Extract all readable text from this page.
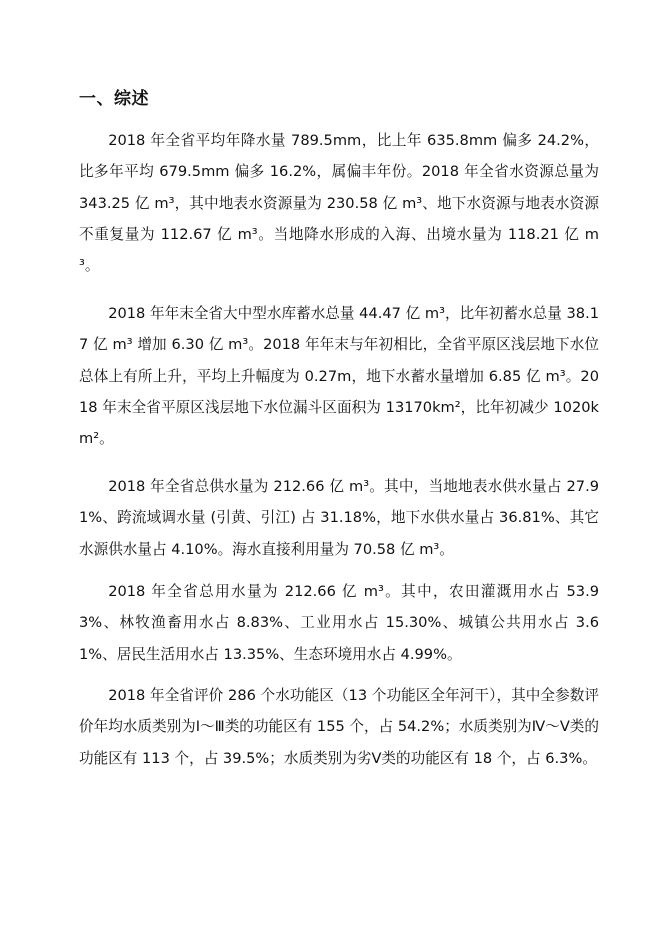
一、综述

2018 年全省平均年降水量 789.5mm，比上年 635.8mm 偏多 24.2%，比多年平均 679.5mm 偏多 16.2%，属偏丰年份。2018 年全省水资源总量为 343.25 亿 m³，其中地表水资源量为 230.58 亿 m³、地下水资源与地表水资源不重复量为 112.67 亿 m³。当地降水形成的入海、出境水量为 118.21 亿 m³。

2018 年年末全省大中型水库蓄水总量 44.47 亿 m³，比年初蓄水总量 38.17 亿 m³ 增加 6.30 亿 m³。2018 年年末与年初相比，全省平原区浅层地下水位总体上有所上升，平均上升幅度为 0.27m，地下水蓄水量增加 6.85 亿 m³。2018 年末全省平原区浅层地下水位漏斗区面积为 13170km²，比年初减少 1020km²。

2018 年全省总供水量为 212.66 亿 m³。其中，当地地表水供水量占 27.91%、跨流域调水量 (引黄、引江) 占 31.18%，地下水供水量占 36.81%、其它水源供水量占 4.10%。海水直接利用量为 70.58 亿 m³。

2018 年全省总用水量为 212.66 亿 m³。其中，农田灌溉用水占 53.93%、林牧渔畜用水占 8.83%、工业用水占 15.30%、城镇公共用水占 3.61%、居民生活用水占 13.35%、生态环境用水占 4.99%。

2018 年全省评价 286 个水功能区（13 个功能区全年河干），其中全参数评价年均水质类别为Ⅰ～Ⅲ类的功能区有 155 个，占 54.2%；水质类别为Ⅳ～Ⅴ类的功能区有 113 个，占 39.5%；水质类别为劣Ⅴ类的功能区有 18 个，占 6.3%。
